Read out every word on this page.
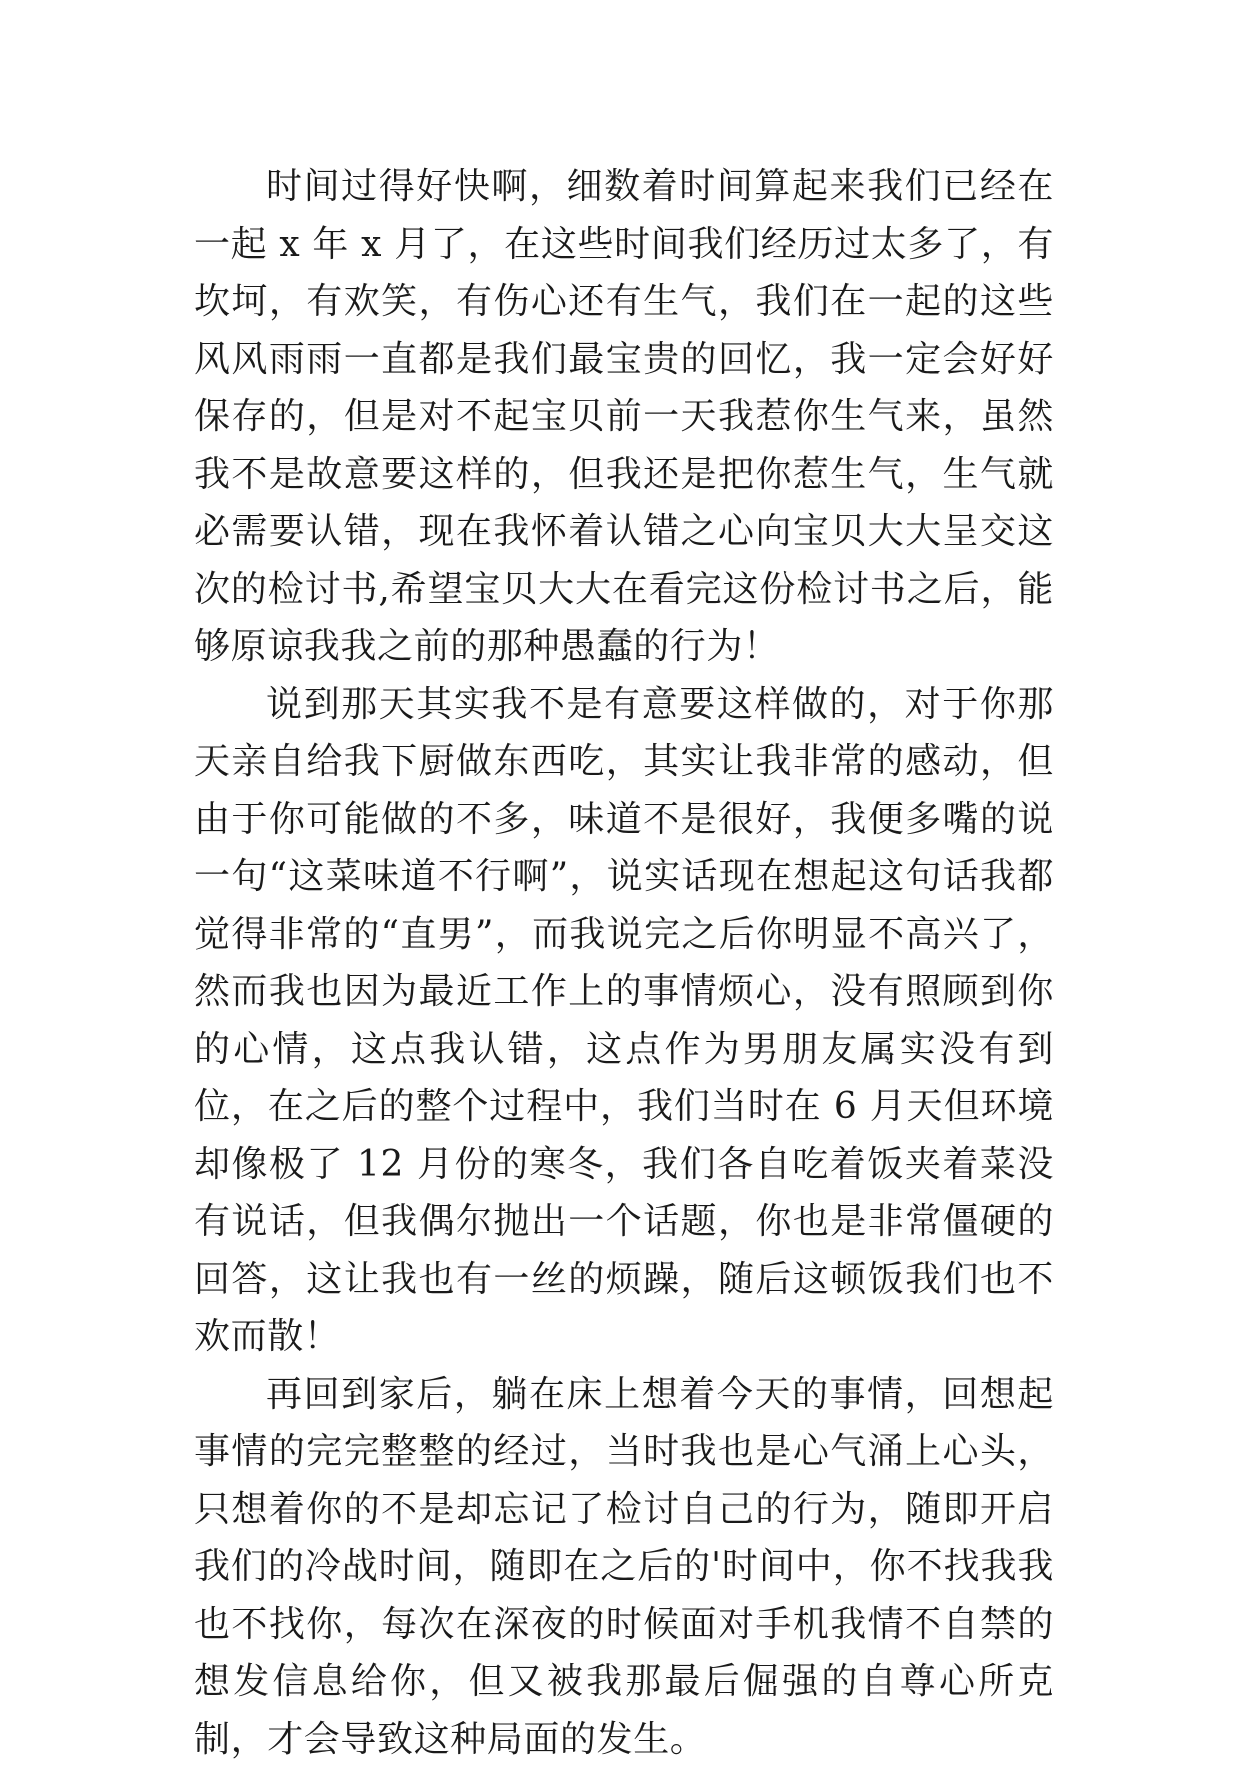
时间过得好快啊，细数着时间算起来我们已经在一起 x 年 x 月了，在这些时间我们经历过太多了，有坎坷，有欢笑，有伤心还有生气，我们在一起的这些风风雨雨一直都是我们最宝贵的回忆，我一定会好好保存的，但是对不起宝贝前一天我惹你生气来，虽然我不是故意要这样的，但我还是把你惹生气，生气就必需要认错，现在我怀着认错之心向宝贝大大呈交这次的检讨书,希望宝贝大大在看完这份检讨书之后，能够原谅我我之前的那种愚蠢的行为！

说到那天其实我不是有意要这样做的，对于你那天亲自给我下厨做东西吃，其实让我非常的感动，但由于你可能做的不多，味道不是很好，我便多嘴的说一句“这菜味道不行啊”，说实话现在想起这句话我都觉得非常的“直男”，而我说完之后你明显不高兴了，然而我也因为最近工作上的事情烦心，没有照顾到你的心情，这点我认错，这点作为男朋友属实没有到位，在之后的整个过程中，我们当时在 6 月天但环境却像极了 12 月份的寒冬，我们各自吃着饭夹着菜没有说话，但我偶尔抛出一个话题，你也是非常僵硬的回答，这让我也有一丝的烦躁，随后这顿饭我们也不欢而散！

再回到家后，躺在床上想着今天的事情，回想起事情的完完整整的经过，当时我也是心气涌上心头，只想着你的不是却忘记了检讨自己的行为，随即开启我们的冷战时间，随即在之后的'时间中，你不找我我也不找你，每次在深夜的时候面对手机我情不自禁的想发信息给你，但又被我那最后倔强的自尊心所克制，才会导致这种局面的发生。
